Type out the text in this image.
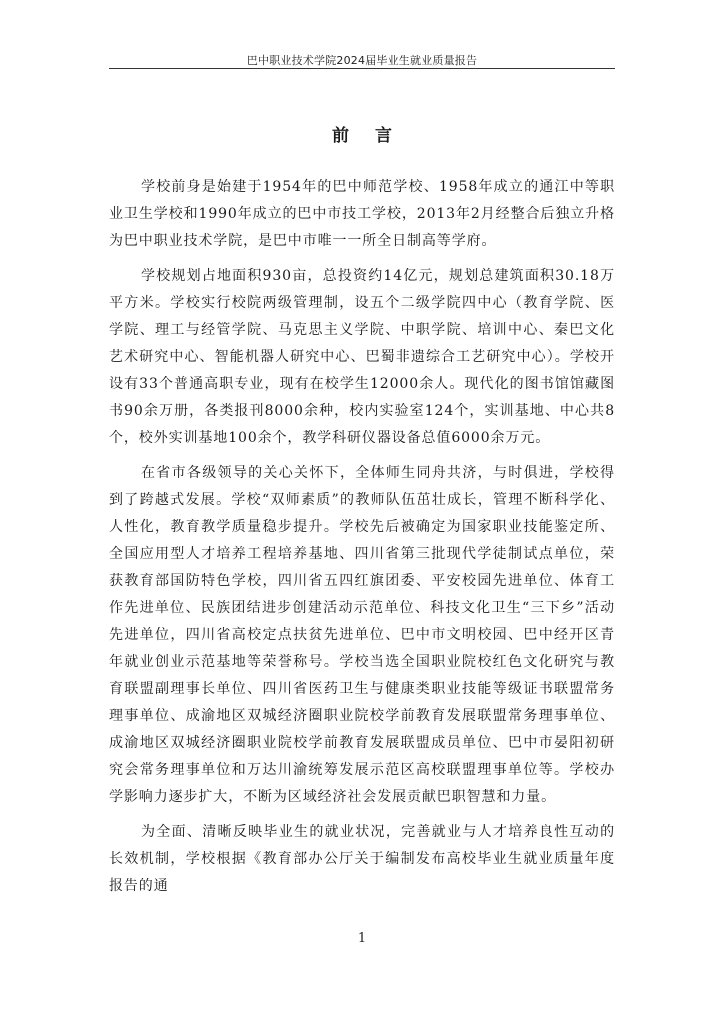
巴中职业技术学院2024届毕业生就业质量报告
前 言

学校前身是始建于1954年的巴中师范学校、1958年成立的通江中等职业卫生学校和1990年成立的巴中市技工学校，2013年2月经整合后独立升格为巴中职业技术学院，是巴中市唯一一所全日制高等学府。

学校规划占地面积930亩，总投资约14亿元，规划总建筑面积30.18万平方米。学校实行校院两级管理制，设五个二级学院四中心（教育学院、医学院、理工与经管学院、马克思主义学院、中职学院、培训中心、秦巴文化艺术研究中心、智能机器人研究中心、巴蜀非遗综合工艺研究中心）。学校开设有33个普通高职专业，现有在校学生12000余人。现代化的图书馆馆藏图书90余万册，各类报刊8000余种，校内实验室124个，实训基地、中心共8个，校外实训基地100余个，教学科研仪器设备总值6000余万元。

在省市各级领导的关心关怀下，全体师生同舟共济，与时俱进，学校得到了跨越式发展。学校“双师素质”的教师队伍茁壮成长，管理不断科学化、人性化，教育教学质量稳步提升。学校先后被确定为国家职业技能鉴定所、全国应用型人才培养工程培养基地、四川省第三批现代学徒制试点单位，荣获教育部国防特色学校，四川省五四红旗团委、平安校园先进单位、体育工作先进单位、民族团结进步创建活动示范单位、科技文化卫生“三下乡”活动先进单位，四川省高校定点扶贫先进单位、巴中市文明校园、巴中经开区青年就业创业示范基地等荣誉称号。学校当选全国职业院校红色文化研究与教育联盟副理事长单位、四川省医药卫生与健康类职业技能等级证书联盟常务理事单位、成渝地区双城经济圈职业院校学前教育发展联盟常务理事单位、成渝地区双城经济圈职业院校学前教育发展联盟成员单位、巴中市晏阳初研究会常务理事单位和万达川渝统筹发展示范区高校联盟理事单位等。学校办学影响力逐步扩大，不断为区域经济社会发展贡献巴职智慧和力量。

为全面、清晰反映毕业生的就业状况，完善就业与人才培养良性互动的长效机制，学校根据《教育部办公厅关于编制发布高校毕业生就业质量年度报告的通

1
